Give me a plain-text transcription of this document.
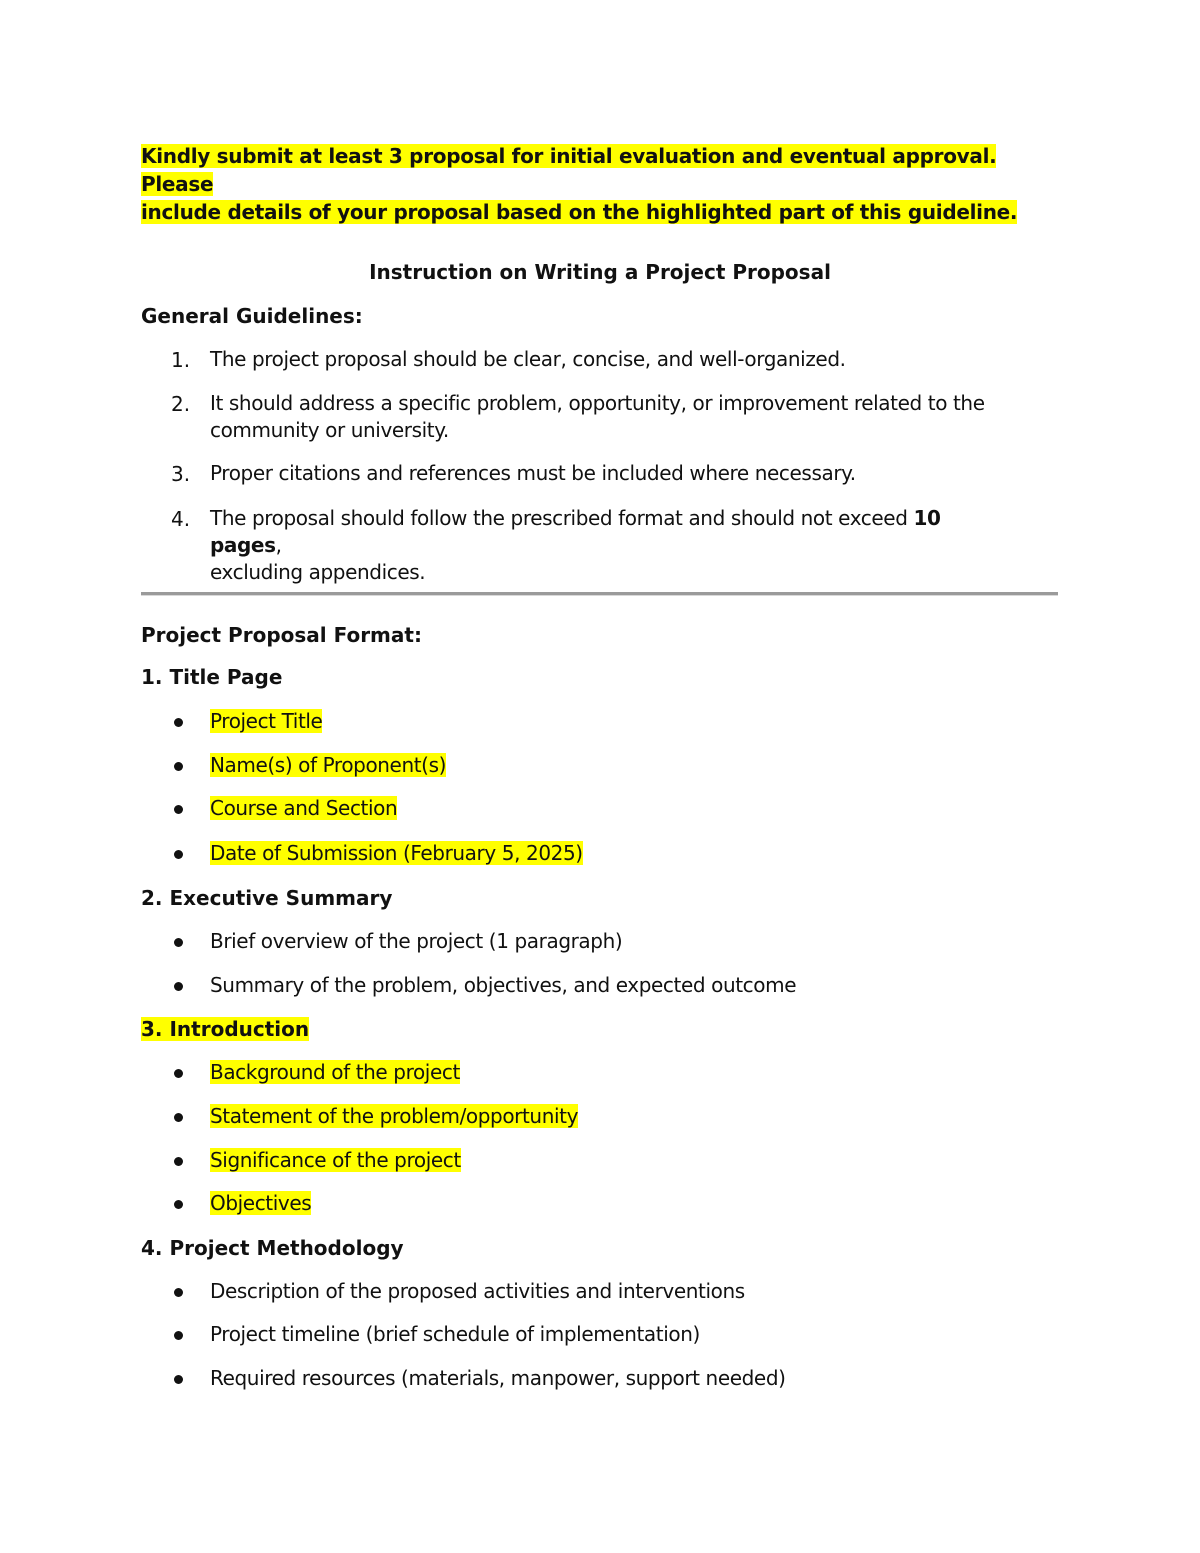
Kindly submit at least 3 proposal for initial evaluation and eventual approval. Please
include details of your proposal based on the highlighted part of this guideline.
Instruction on Writing a Project Proposal
General Guidelines:
1. The project proposal should be clear, concise, and well-organized.
2. It should address a specific problem, opportunity, or improvement related to the
community or university.
3. Proper citations and references must be included where necessary.
4. The proposal should follow the prescribed format and should not exceed 10 pages,
excluding appendices.
Project Proposal Format:
1. Title Page
Project Title
Name(s) of Proponent(s)
Course and Section
Date of Submission (February 5, 2025)
2. Executive Summary
Brief overview of the project (1 paragraph)
Summary of the problem, objectives, and expected outcome
3. Introduction
Background of the project
Statement of the problem/opportunity
Significance of the project
Objectives
4. Project Methodology
Description of the proposed activities and interventions
Project timeline (brief schedule of implementation)
Required resources (materials, manpower, support needed)
